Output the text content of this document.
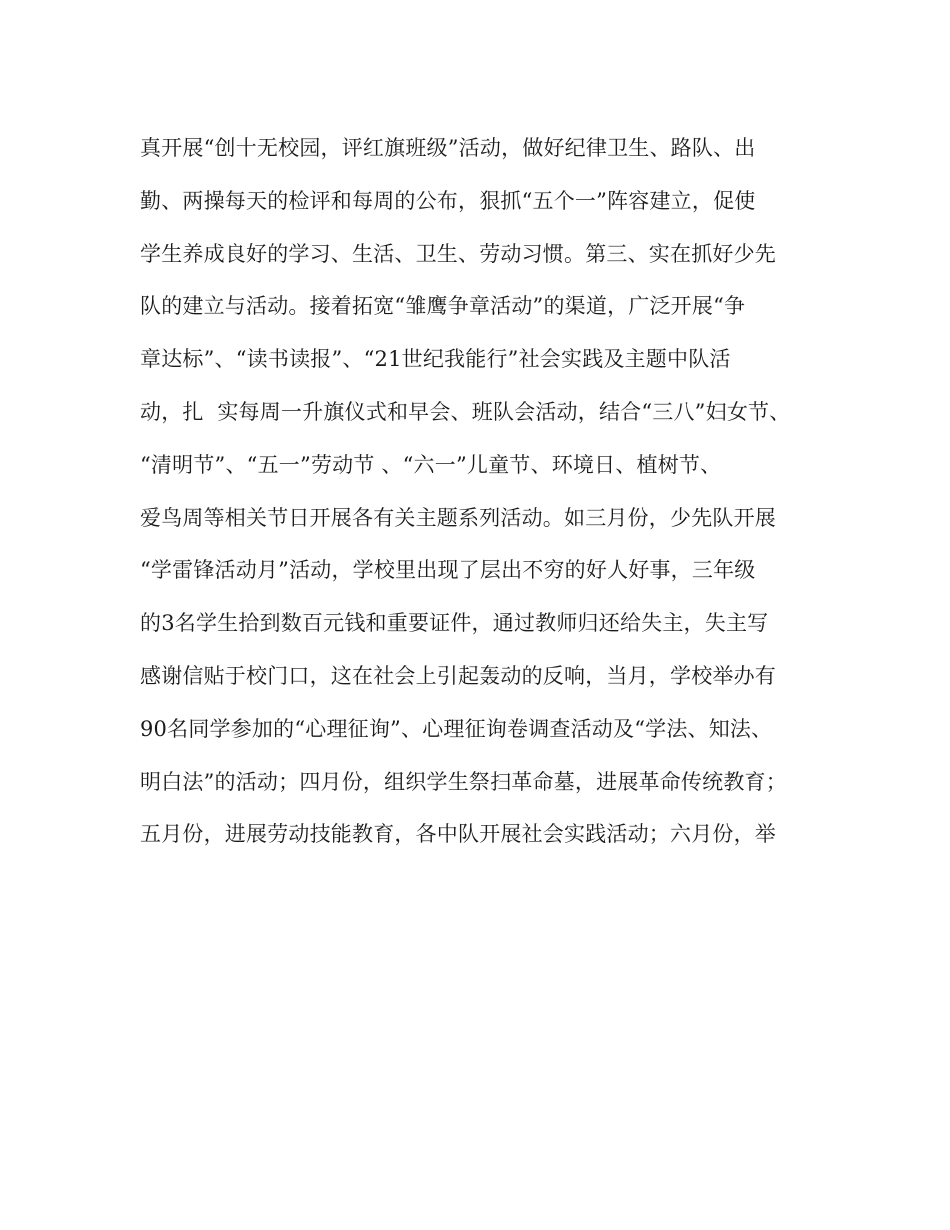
真开展“创十无校园，评红旗班级”活动，做好纪律卫生、路队、出
勤、两操每天的检评和每周的公布，狠抓“五个一”阵容建立，促使
学生养成良好的学习、生活、卫生、劳动习惯。第三、实在抓好少先
队的建立与活动。接着拓宽“雏鹰争章活动”的渠道，广泛开展“争
章达标”、“读书读报”、“21世纪我能行”社会实践及主题中队活
动，扎  实每周一升旗仪式和早会、班队会活动，结合“三八”妇女节、
“清明节”、“五一”劳动节 、“六一”儿童节、环境日、植树节、
爱鸟周等相关节日开展各有关主题系列活动。如三月份，少先队开展
“学雷锋活动月”活动，学校里出现了层出不穷的好人好事，三年级
的3名学生拾到数百元钱和重要证件，通过教师归还给失主，失主写
感谢信贴于校门口，这在社会上引起轰动的反响，当月，学校举办有
90名同学参加的“心理征询”、心理征询卷调查活动及“学法、知法、
明白法”的活动；四月份，组织学生祭扫革命墓，进展革命传统教育；
五月份，进展劳动技能教育，各中队开展社会实践活动；六月份，举
